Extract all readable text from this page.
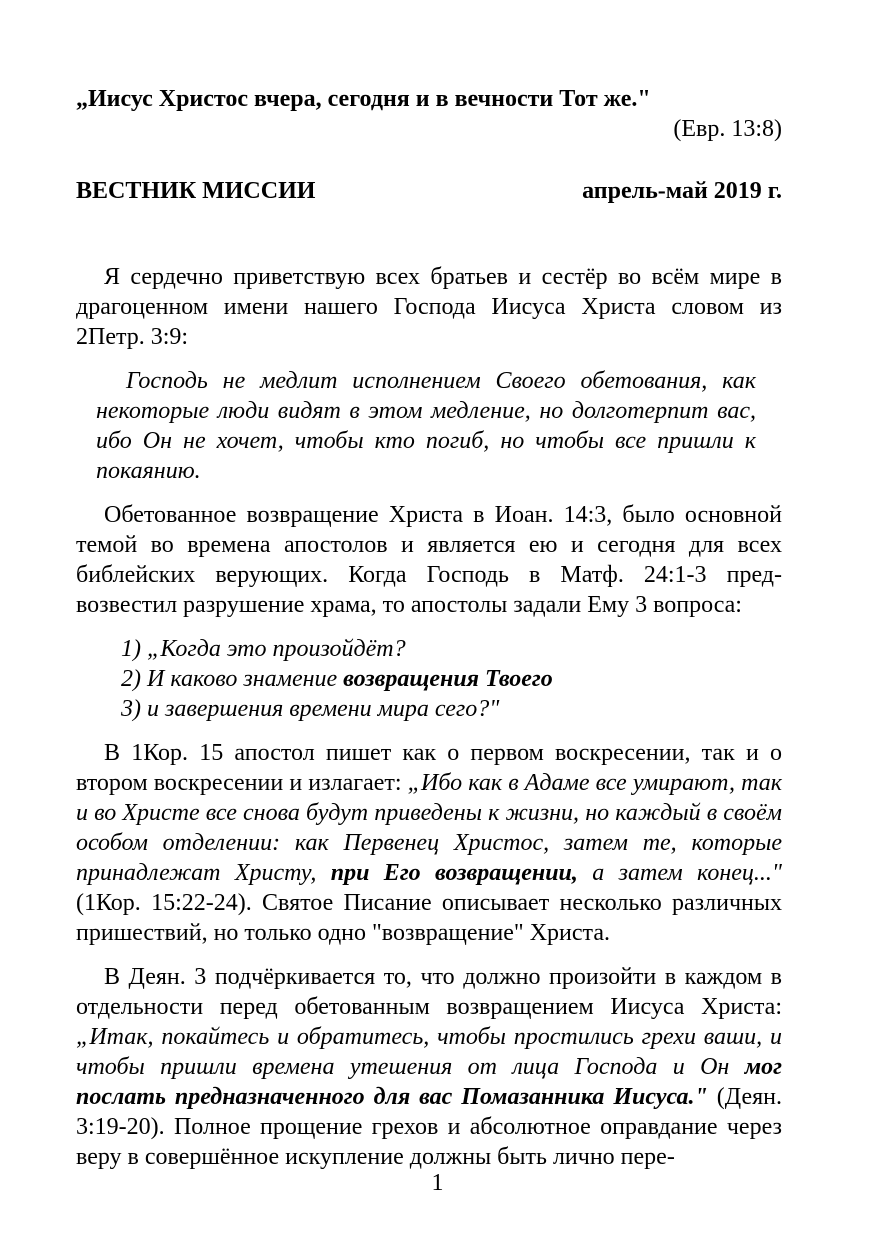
„Иисус Христос вчера, сегодня и в вечности Тот же."

(Евр. 13:8)

ВЕСТНИК МИССИИ	апрель-май 2019 г.

Я сердечно приветствую всех братьев и сестёр во всём мире в драгоценном имени нашего Господа Иисуса Христа словом из 2Петр. 3:9:

Господь не медлит исполнением Своего обетования, как некоторые люди видят в этом медление, но долготерпит вас, ибо Он не хочет, чтобы кто погиб, но чтобы все пришли к покаянию.

Обетованное возвращение Христа в Иоан. 14:3, было основной темой во времена апостолов и является ею и сегодня для всех библейских верующих. Когда Господь в Матф. 24:1-3 пред-возвестил разрушение храма, то апостолы задали Ему 3 вопроса:

1) „Когда это произойдёт?

2) И каково знамение возвращения Твоего

3) и завершения времени мира сего?"

В 1Кор. 15 апостол пишет как о первом воскресении, так и о втором воскресении и излагает: „Ибо как в Адаме все умирают, так и во Христе все снова будут приведены к жизни, но каждый в своём особом отделении: как Первенец Христос, затем те, которые принадлежат Христу, при Его возвращении, а затем конец..." (1Кор. 15:22-24). Святое Писание описывает несколько различных пришествий, но только одно "возвращение" Христа.

В Деян. 3 подчёркивается то, что должно произойти в каждом в отдельности перед обетованным возвращением Иисуса Христа: „Итак, покайтесь и обратитесь, чтобы простились грехи ваши, и чтобы пришли времена утешения от лица Господа и Он мог послать предназначенного для вас Помазанника Иисуса." (Деян. 3:19-20). Полное прощение грехов и абсолютное оправдание через веру в совершённое искупление должны быть лично пере-

1
